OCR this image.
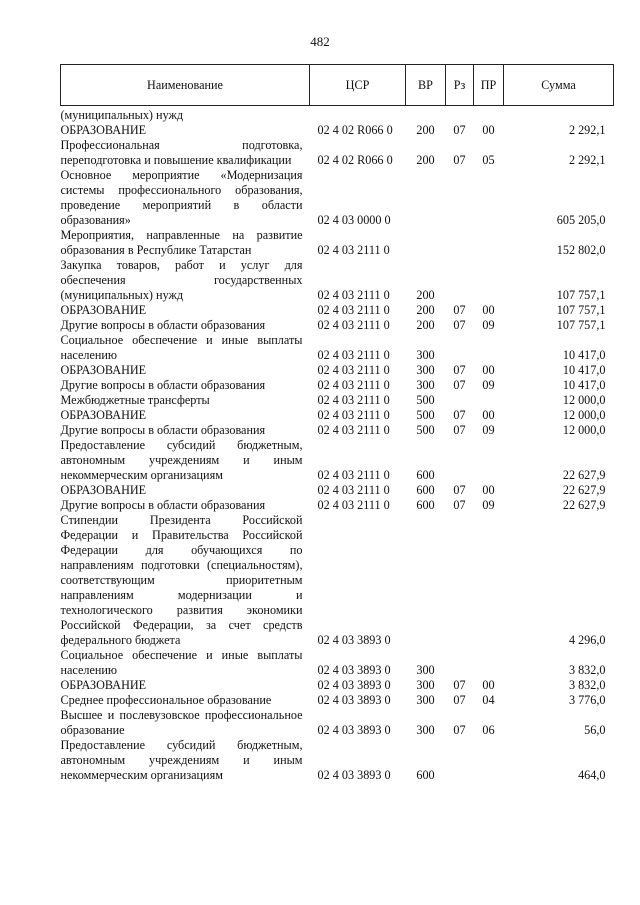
482
Наименование	ЦСР	ВР	Рз	ПР	Сумма
(муниципальных) нужд					
ОБРАЗОВАНИЕ	02 4 02 R066 0	200	07	00	2 292,1
Профессиональная подготовка, переподготовка и повышение квалификации	02 4 02 R066 0	200	07	05	2 292,1
Основное мероприятие «Модернизация системы профессионального образования, проведение мероприятий в области образования»	02 4 03 0000 0				605 205,0
Мероприятия, направленные на развитие образования в Республике Татарстан	02 4 03 2111 0				152 802,0
Закупка товаров, работ и услуг для обеспечения государственных (муниципальных) нужд	02 4 03 2111 0	200			107 757,1
ОБРАЗОВАНИЕ	02 4 03 2111 0	200	07	00	107 757,1
Другие вопросы в области образования	02 4 03 2111 0	200	07	09	107 757,1
Социальное обеспечение и иные выплаты населению	02 4 03 2111 0	300			10 417,0
ОБРАЗОВАНИЕ	02 4 03 2111 0	300	07	00	10 417,0
Другие вопросы в области образования	02 4 03 2111 0	300	07	09	10 417,0
Межбюджетные трансферты	02 4 03 2111 0	500			12 000,0
ОБРАЗОВАНИЕ	02 4 03 2111 0	500	07	00	12 000,0
Другие вопросы в области образования	02 4 03 2111 0	500	07	09	12 000,0
Предоставление субсидий бюджетным, автономным учреждениям и иным некоммерческим организациям	02 4 03 2111 0	600			22 627,9
ОБРАЗОВАНИЕ	02 4 03 2111 0	600	07	00	22 627,9
Другие вопросы в области образования	02 4 03 2111 0	600	07	09	22 627,9
Стипендии Президента Российской Федерации и Правительства Российской Федерации для обучающихся по направлениям подготовки (специальностям), соответствующим приоритетным направлениям модернизации и технологического развития экономики Российской Федерации, за счет средств федерального бюджета	02 4 03 3893 0				4 296,0
Социальное обеспечение и иные выплаты населению	02 4 03 3893 0	300			3 832,0
ОБРАЗОВАНИЕ	02 4 03 3893 0	300	07	00	3 832,0
Среднее профессиональное образование	02 4 03 3893 0	300	07	04	3 776,0
Высшее и послевузовское профессиональное образование	02 4 03 3893 0	300	07	06	56,0
Предоставление субсидий бюджетным, автономным учреждениям и иным некоммерческим организациям	02 4 03 3893 0	600			464,0
